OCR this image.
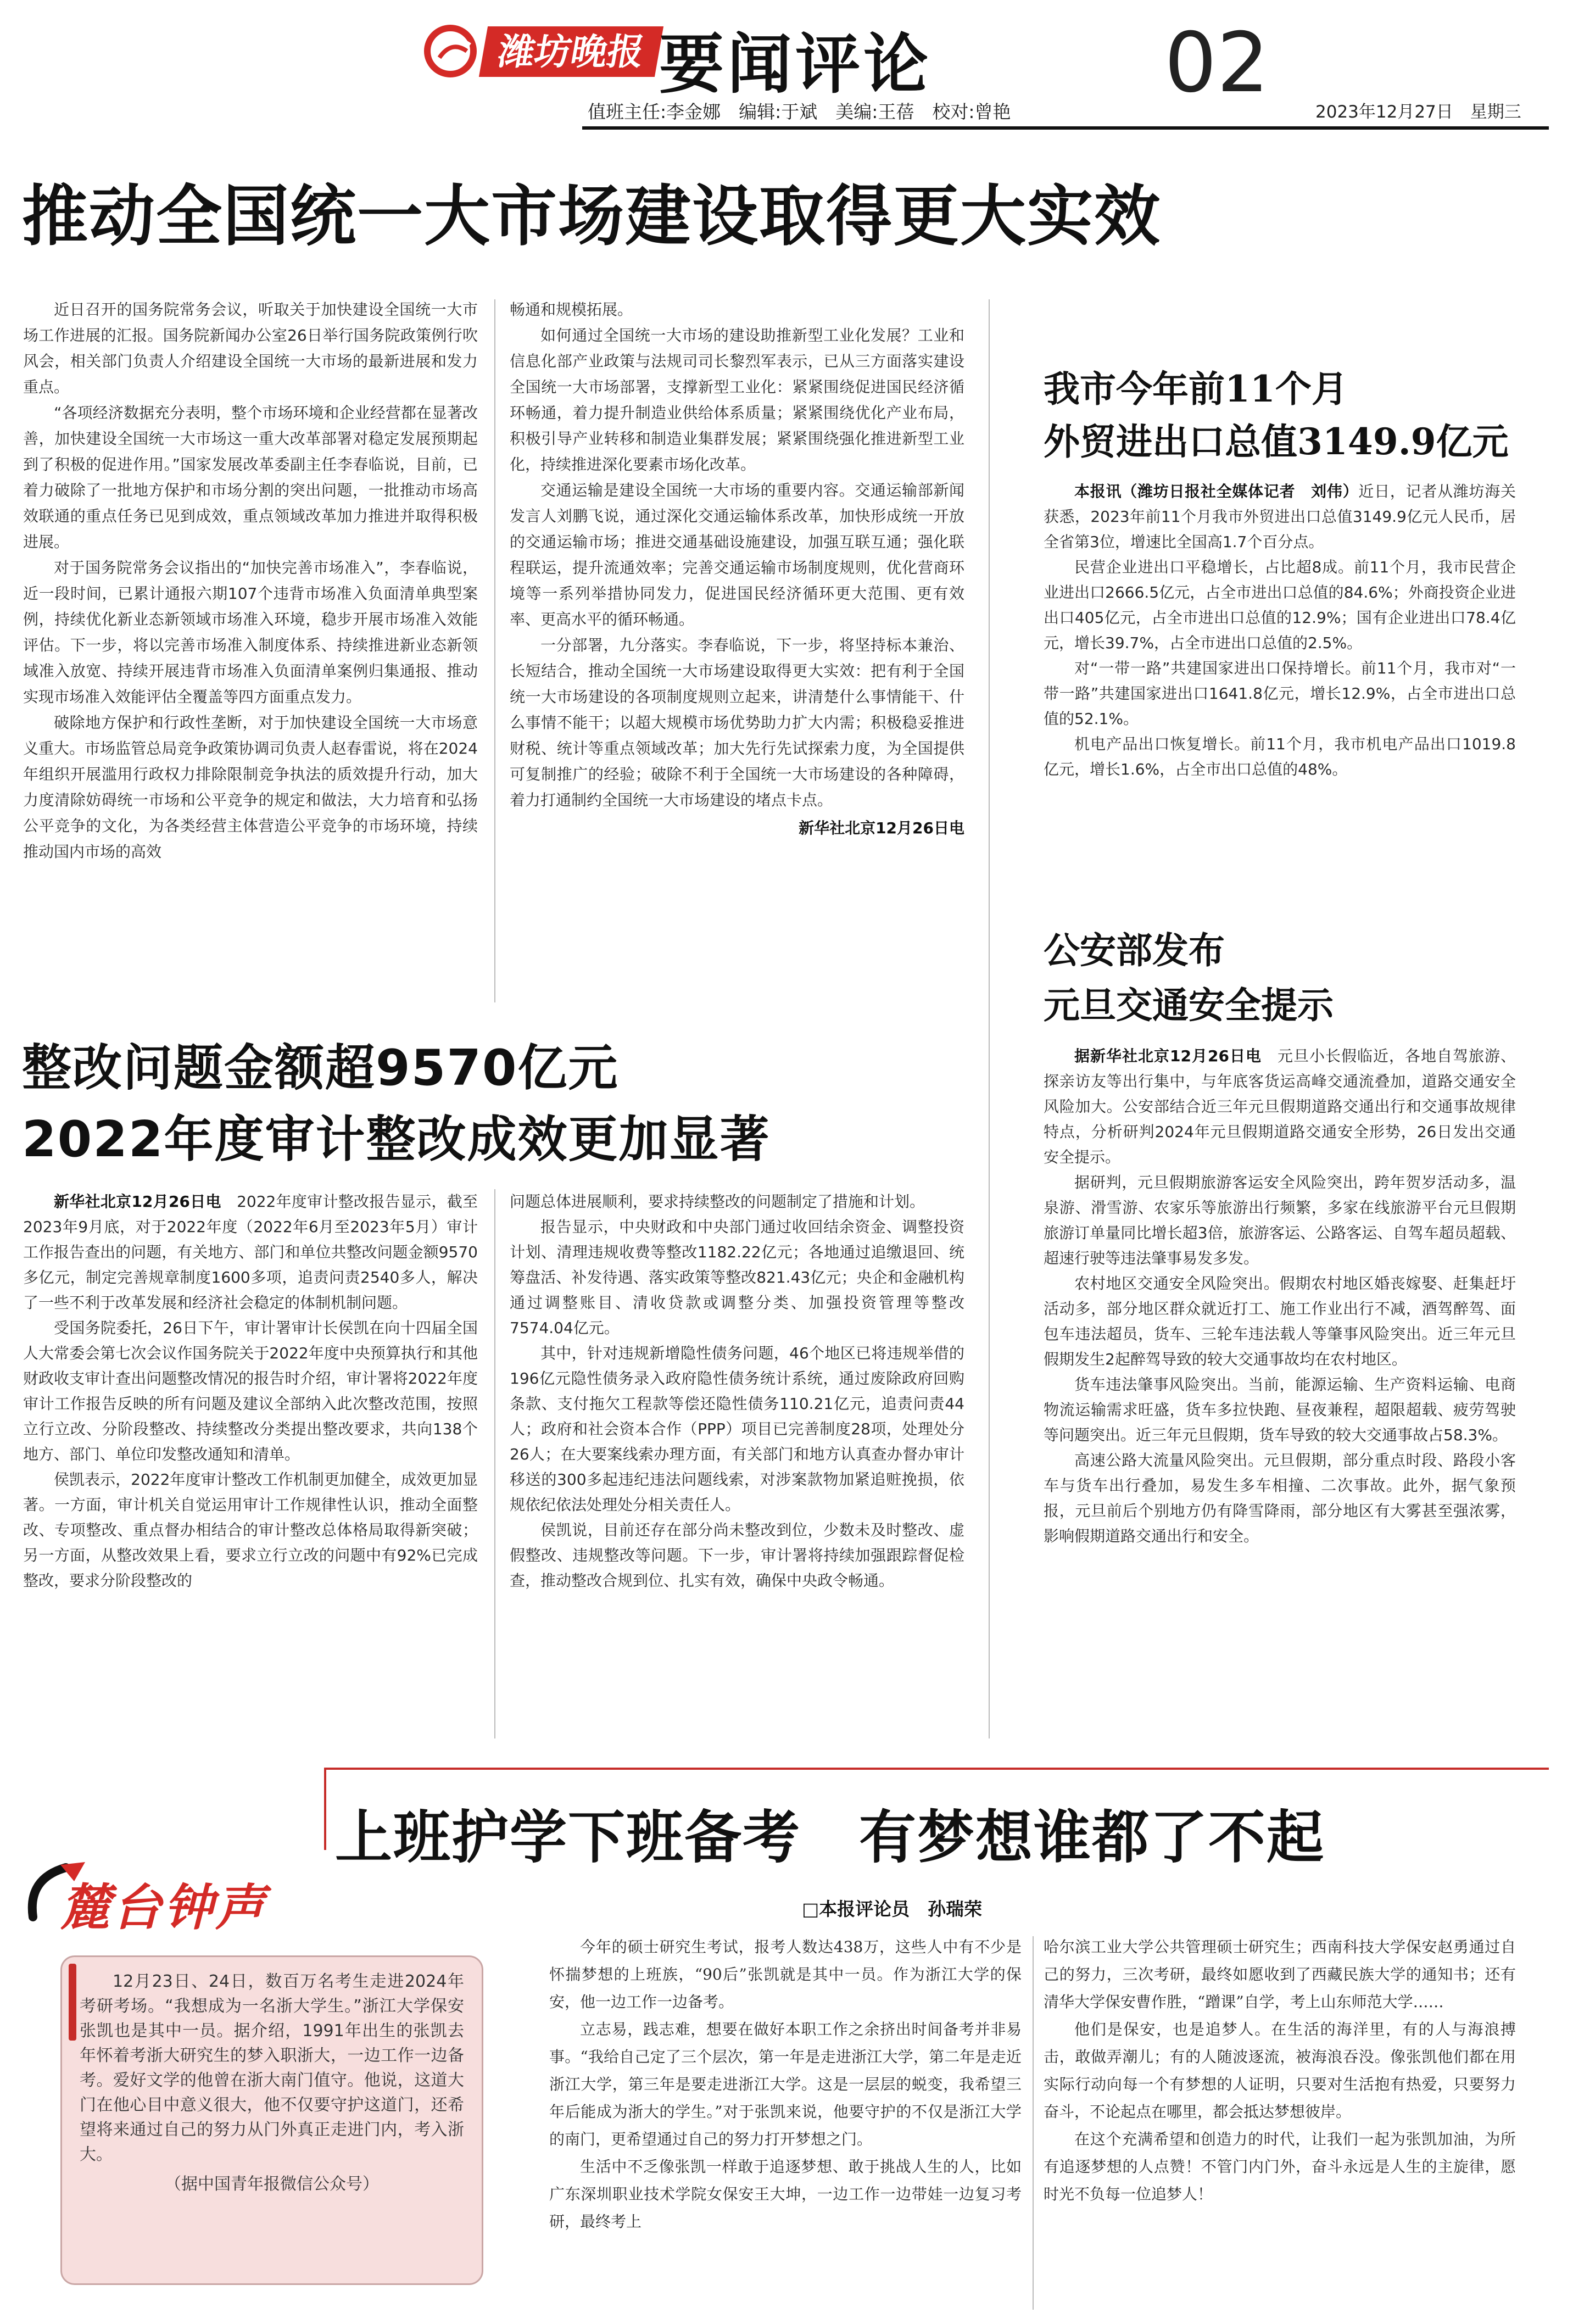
潍坊晚报 要闻评论	02
值班主任:李金娜　编辑:于斌　美编:王蓓　校对:曾艳	2023年12月27日　星期三
推动全国统一大市场建设取得更大实效

近日召开的国务院常务会议，听取关于加快建设全国统一大市场工作进展的汇报。国务院新闻办公室26日举行国务院政策例行吹风会，相关部门负责人介绍建设全国统一大市场的最新进展和发力重点。

“各项经济数据充分表明，整个市场环境和企业经营都在显著改善，加快建设全国统一大市场这一重大改革部署对稳定发展预期起到了积极的促进作用。”国家发展改革委副主任李春临说，目前，已着力破除了一批地方保护和市场分割的突出问题，一批推动市场高效联通的重点任务已见到成效，重点领域改革加力推进并取得积极进展。

对于国务院常务会议指出的“加快完善市场准入”，李春临说，近一段时间，已累计通报六期107个违背市场准入负面清单典型案例，持续优化新业态新领域市场准入环境，稳步开展市场准入效能评估。下一步，将以完善市场准入制度体系、持续推进新业态新领域准入放宽、持续开展违背市场准入负面清单案例归集通报、推动实现市场准入效能评估全覆盖等四方面重点发力。

破除地方保护和行政性垄断，对于加快建设全国统一大市场意义重大。市场监管总局竞争政策协调司负责人赵春雷说，将在2024年组织开展滥用行政权力排除限制竞争执法的质效提升行动，加大力度清除妨碍统一市场和公平竞争的规定和做法，大力培育和弘扬公平竞争的文化，为各类经营主体营造公平竞争的市场环境，持续推动国内市场的高效

畅通和规模拓展。

如何通过全国统一大市场的建设助推新型工业化发展？工业和信息化部产业政策与法规司司长黎烈军表示，已从三方面落实建设全国统一大市场部署，支撑新型工业化：紧紧围绕促进国民经济循环畅通，着力提升制造业供给体系质量；紧紧围绕优化产业布局，积极引导产业转移和制造业集群发展；紧紧围绕强化推进新型工业化，持续推进深化要素市场化改革。

交通运输是建设全国统一大市场的重要内容。交通运输部新闻发言人刘鹏飞说，通过深化交通运输体系改革，加快形成统一开放的交通运输市场；推进交通基础设施建设，加强互联互通；强化联程联运，提升流通效率；完善交通运输市场制度规则，优化营商环境等一系列举措协同发力，促进国民经济循环更大范围、更有效率、更高水平的循环畅通。

一分部署，九分落实。李春临说，下一步，将坚持标本兼治、长短结合，推动全国统一大市场建设取得更大实效：把有利于全国统一大市场建设的各项制度规则立起来，讲清楚什么事情能干、什么事情不能干；以超大规模市场优势助力扩大内需；积极稳妥推进财税、统计等重点领域改革；加大先行先试探索力度，为全国提供可复制推广的经验；破除不利于全国统一大市场建设的各种障碍，着力打通制约全国统一大市场建设的堵点卡点。

新华社北京12月26日电
我市今年前11个月
外贸进出口总值3149.9亿元

本报讯（潍坊日报社全媒体记者　刘伟）近日，记者从潍坊海关获悉，2023年前11个月我市外贸进出口总值3149.9亿元人民币，居全省第3位，增速比全国高1.7个百分点。

民营企业进出口平稳增长，占比超8成。前11个月，我市民营企业进出口2666.5亿元，占全市进出口总值的84.6%；外商投资企业进出口405亿元，占全市进出口总值的12.9%；国有企业进出口78.4亿元，增长39.7%，占全市进出口总值的2.5%。

对“一带一路”共建国家进出口保持增长。前11个月，我市对“一带一路”共建国家进出口1641.8亿元，增长12.9%，占全市进出口总值的52.1%。

机电产品出口恢复增长。前11个月，我市机电产品出口1019.8亿元，增长1.6%，占全市出口总值的48%。

公安部发布
元旦交通安全提示

据新华社北京12月26日电　 元旦小长假临近，各地自驾旅游、探亲访友等出行集中，与年底客货运高峰交通流叠加，道路交通安全风险加大。公安部结合近三年元旦假期道路交通出行和交通事故规律特点，分析研判2024年元旦假期道路交通安全形势，26日发出交通安全提示。

据研判，元旦假期旅游客运安全风险突出，跨年贺岁活动多，温泉游、滑雪游、农家乐等旅游出行频繁，多家在线旅游平台元旦假期旅游订单量同比增长超3倍，旅游客运、公路客运、自驾车超员超载、超速行驶等违法肇事易发多发。

农村地区交通安全风险突出。假期农村地区婚丧嫁娶、赶集赶圩活动多，部分地区群众就近打工、施工作业出行不减，酒驾醉驾、面包车违法超员，货车、三轮车违法载人等肇事风险突出。近三年元旦假期发生2起醉驾导致的较大交通事故均在农村地区。

货车违法肇事风险突出。当前，能源运输、生产资料运输、电商物流运输需求旺盛，货车多拉快跑、昼夜兼程，超限超载、疲劳驾驶等问题突出。近三年元旦假期，货车导致的较大交通事故占58.3%。

高速公路大流量风险突出。元旦假期，部分重点时段、路段小客车与货车出行叠加，易发生多车相撞、二次事故。此外，据气象预报，元旦前后个别地方仍有降雪降雨，部分地区有大雾甚至强浓雾，影响假期道路交通出行和安全。

整改问题金额超9570亿元
2022年度审计整改成效更加显著

新华社北京12月26日电　 2022年度审计整改报告显示，截至2023年9月底，对于2022年度（2022年6月至2023年5月）审计工作报告查出的问题，有关地方、部门和单位共整改问题金额9570多亿元，制定完善规章制度1600多项，追责问责2540多人，解决了一些不利于改革发展和经济社会稳定的体制机制问题。

受国务院委托，26日下午，审计署审计长侯凯在向十四届全国人大常委会第七次会议作国务院关于2022年度中央预算执行和其他财政收支审计查出问题整改情况的报告时介绍，审计署将2022年度审计工作报告反映的所有问题及建议全部纳入此次整改范围，按照立行立改、分阶段整改、持续整改分类提出整改要求，共向138个地方、部门、单位印发整改通知和清单。

侯凯表示，2022年度审计整改工作机制更加健全，成效更加显著。一方面，审计机关自觉运用审计工作规律性认识，推动全面整改、专项整改、重点督办相结合的审计整改总体格局取得新突破；另一方面，从整改效果上看，要求立行立改的问题中有92%已完成整改，要求分阶段整改的

问题总体进展顺利，要求持续整改的问题制定了措施和计划。

报告显示，中央财政和中央部门通过收回结余资金、调整投资计划、清理违规收费等整改1182.22亿元；各地通过追缴退回、统筹盘活、补发待遇、落实政策等整改821.43亿元；央企和金融机构通过调整账目、清收贷款或调整分类、加强投资管理等整改7574.04亿元。

其中，针对违规新增隐性债务问题，46个地区已将违规举借的196亿元隐性债务录入政府隐性债务统计系统，通过废除政府回购条款、支付拖欠工程款等偿还隐性债务110.21亿元，追责问责44人；政府和社会资本合作（PPP）项目已完善制度28项，处理处分26人；在大要案线索办理方面，有关部门和地方认真查办督办审计移送的300多起违纪违法问题线索，对涉案款物加紧追赃挽损，依规依纪依法处理处分相关责任人。

侯凯说，目前还存在部分尚未整改到位，少数未及时整改、虚假整改、违规整改等问题。下一步，审计署将持续加强跟踪督促检查，推动整改合规到位、扎实有效，确保中央政令畅通。

麓台钟声
上班护学下班备考　有梦想谁都了不起
□本报评论员　孙瑞荣

12月23日、24日，数百万名考生走进2024年考研考场。“我想成为一名浙大学生。”浙江大学保安张凯也是其中一员。据介绍，1991年出生的张凯去年怀着考浙大研究生的梦入职浙大，一边工作一边备考。爱好文学的他曾在浙大南门值守。他说，这道大门在他心目中意义很大，他不仅要守护这道门，还希望将来通过自己的努力从门外真正走进门内，考入浙大。

（据中国青年报微信公众号）

今年的硕士研究生考试，报考人数达438万，这些人中有不少是怀揣梦想的上班族，“90后”张凯就是其中一员。作为浙江大学的保安，他一边工作一边备考。

立志易，践志难，想要在做好本职工作之余挤出时间备考并非易事。“我给自己定了三个层次，第一年是走进浙江大学，第二年是走近浙江大学，第三年是要走进浙江大学。这是一层层的蜕变，我希望三年后能成为浙大的学生。”对于张凯来说，他要守护的不仅是浙江大学的南门，更希望通过自己的努力打开梦想之门。

生活中不乏像张凯一样敢于追逐梦想、敢于挑战人生的人，比如广东深圳职业技术学院女保安王大坤，一边工作一边带娃一边复习考研，最终考上

哈尔滨工业大学公共管理硕士研究生；西南科技大学保安赵勇通过自己的努力，三次考研，最终如愿收到了西藏民族大学的通知书；还有清华大学保安曹作胜，“蹭课”自学，考上山东师范大学……

他们是保安，也是追梦人。在生活的海洋里，有的人与海浪搏击，敢做弄潮儿；有的人随波逐流，被海浪吞没。像张凯他们都在用实际行动向每一个有梦想的人证明，只要对生活抱有热爱，只要努力奋斗，不论起点在哪里，都会抵达梦想彼岸。

在这个充满希望和创造力的时代，让我们一起为张凯加油，为所有追逐梦想的人点赞！不管门内门外，奋斗永远是人生的主旋律，愿时光不负每一位追梦人！
